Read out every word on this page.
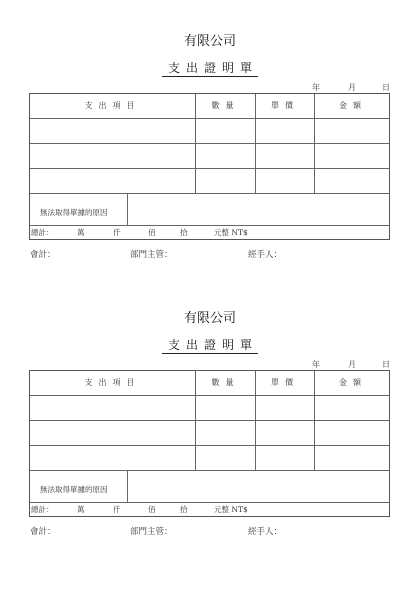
有限公司
支出證明單
年	月	日
支出項目	數量	單價	金額
無法取得單據的原因
總計：	萬	仟	佰	拾	元整 NT$
會計：	部門主管：	經手人：
有限公司
支出證明單
年	月	日
支出項目	數量	單價	金額
無法取得單據的原因
總計：	萬	仟	佰	拾	元整 NT$
會計：	部門主管：	經手人：
